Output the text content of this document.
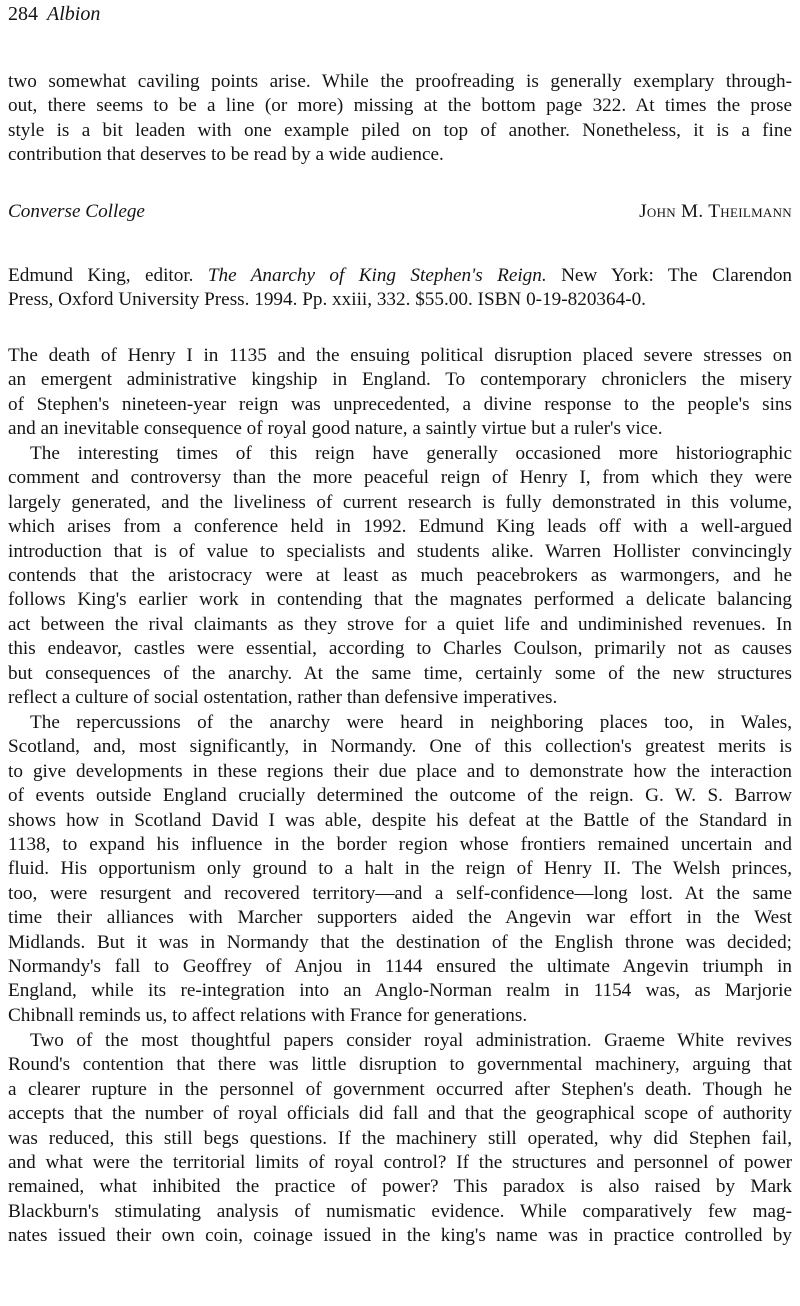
284 Albion
two somewhat caviling points arise. While the proofreading is generally exemplary through-
out, there seems to be a line (or more) missing at the bottom page 322. At times the prose
style is a bit leaden with one example piled on top of another. Nonetheless, it is a fine
contribution that deserves to be read by a wide audience.
Converse College	John M. Theilmann
Edmund King, editor. The Anarchy of King Stephen's Reign. New York: The Clarendon
Press, Oxford University Press. 1994. Pp. xxiii, 332. $55.00. ISBN 0-19-820364-0.
The death of Henry I in 1135 and the ensuing political disruption placed severe stresses on
an emergent administrative kingship in England. To contemporary chroniclers the misery
of Stephen's nineteen-year reign was unprecedented, a divine response to the people's sins
and an inevitable consequence of royal good nature, a saintly virtue but a ruler's vice.
The interesting times of this reign have generally occasioned more historiographic
comment and controversy than the more peaceful reign of Henry I, from which they were
largely generated, and the liveliness of current research is fully demonstrated in this volume,
which arises from a conference held in 1992. Edmund King leads off with a well-argued
introduction that is of value to specialists and students alike. Warren Hollister convincingly
contends that the aristocracy were at least as much peacebrokers as warmongers, and he
follows King's earlier work in contending that the magnates performed a delicate balancing
act between the rival claimants as they strove for a quiet life and undiminished revenues. In
this endeavor, castles were essential, according to Charles Coulson, primarily not as causes
but consequences of the anarchy. At the same time, certainly some of the new structures
reflect a culture of social ostentation, rather than defensive imperatives.
The repercussions of the anarchy were heard in neighboring places too, in Wales,
Scotland, and, most significantly, in Normandy. One of this collection's greatest merits is
to give developments in these regions their due place and to demonstrate how the interaction
of events outside England crucially determined the outcome of the reign. G. W. S. Barrow
shows how in Scotland David I was able, despite his defeat at the Battle of the Standard in
1138, to expand his influence in the border region whose frontiers remained uncertain and
fluid. His opportunism only ground to a halt in the reign of Henry II. The Welsh princes,
too, were resurgent and recovered territory—and a self-confidence—long lost. At the same
time their alliances with Marcher supporters aided the Angevin war effort in the West
Midlands. But it was in Normandy that the destination of the English throne was decided;
Normandy's fall to Geoffrey of Anjou in 1144 ensured the ultimate Angevin triumph in
England, while its re-integration into an Anglo-Norman realm in 1154 was, as Marjorie
Chibnall reminds us, to affect relations with France for generations.
Two of the most thoughtful papers consider royal administration. Graeme White revives
Round's contention that there was little disruption to governmental machinery, arguing that
a clearer rupture in the personnel of government occurred after Stephen's death. Though he
accepts that the number of royal officials did fall and that the geographical scope of authority
was reduced, this still begs questions. If the machinery still operated, why did Stephen fail,
and what were the territorial limits of royal control? If the structures and personnel of power
remained, what inhibited the practice of power? This paradox is also raised by Mark
Blackburn's stimulating analysis of numismatic evidence. While comparatively few mag-
nates issued their own coin, coinage issued in the king's name was in practice controlled by
